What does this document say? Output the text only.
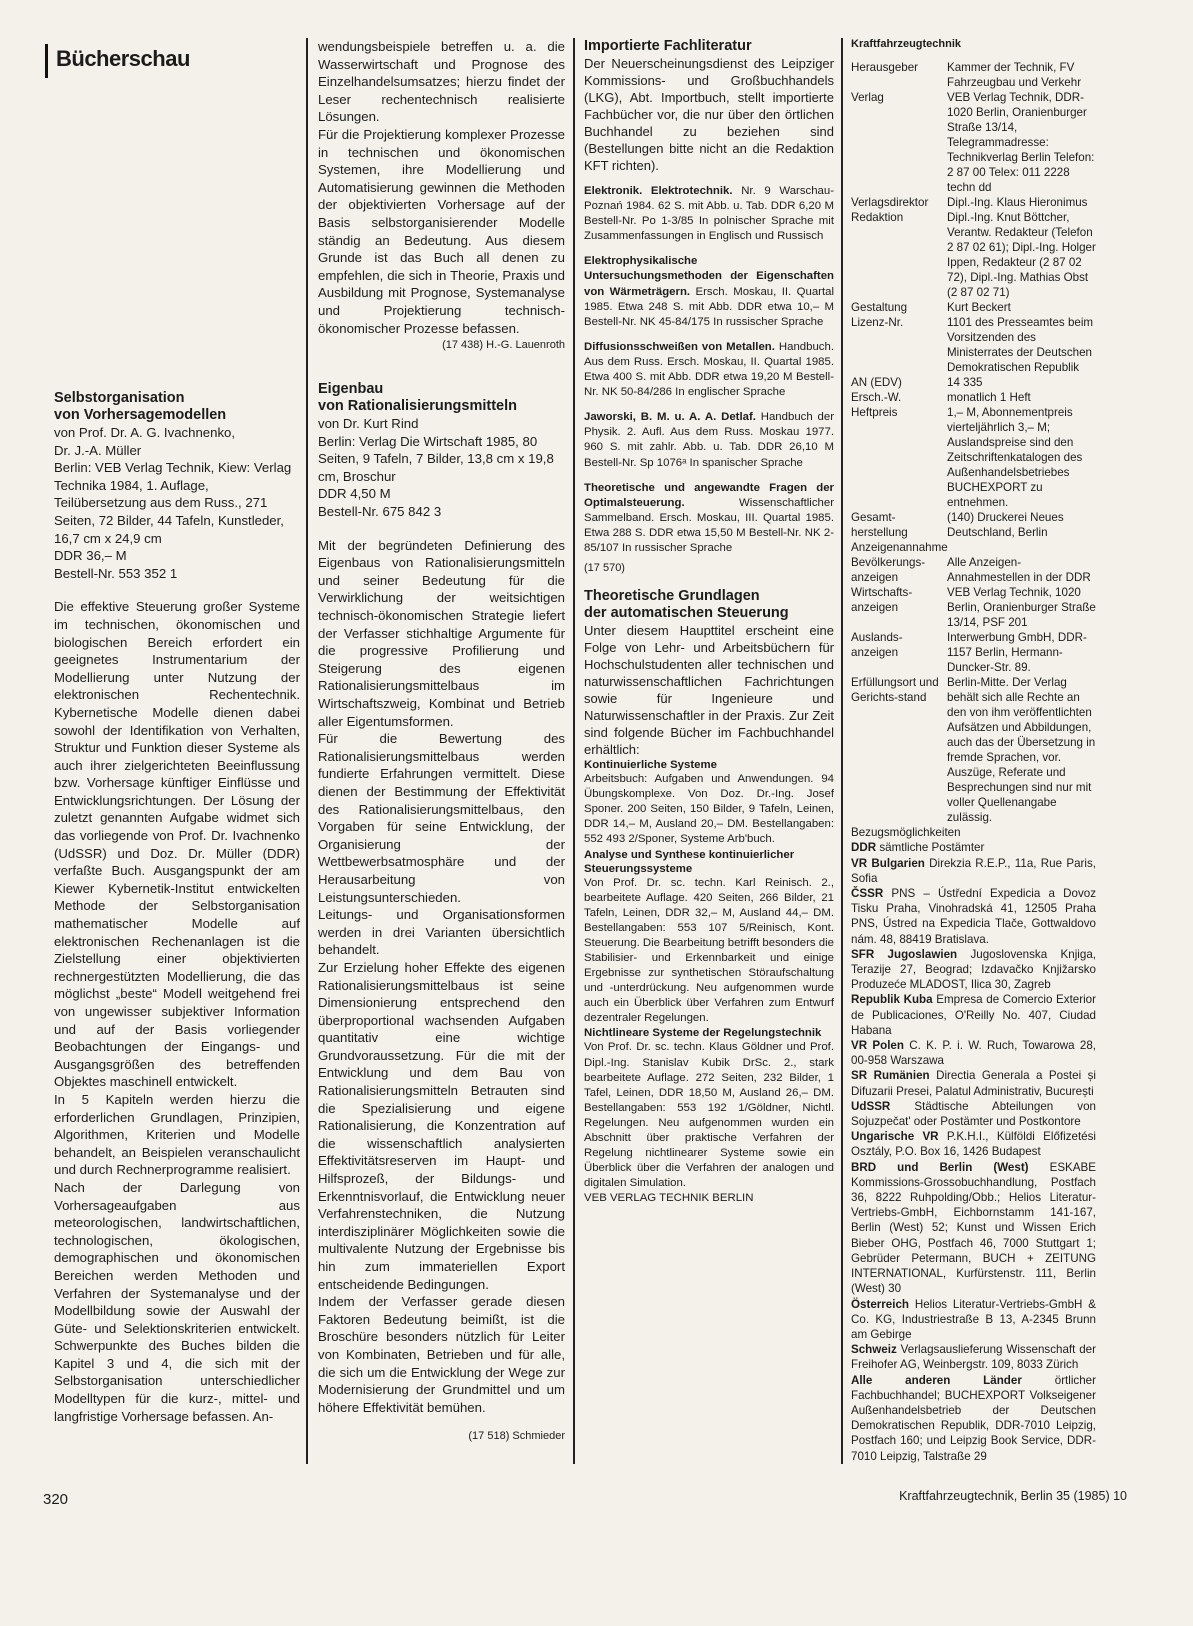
Bücherschau
Selbstorganisation
von Vorhersagemodellen

von Prof. Dr. A. G. Ivachnenko,

Dr. J.-A. Müller

Berlin: VEB Verlag Technik, Kiew: Verlag Technika 1984, 1. Auflage, Teilübersetzung aus dem Russ., 271 Seiten, 72 Bilder, 44 Tafeln, Kunstleder, 16,7 cm x 24,9 cm

DDR 36,– M

Bestell-Nr. 553 352 1

Die effektive Steuerung großer Systeme im technischen, ökonomischen und biologischen Bereich erfordert ein geeignetes Instrumentarium der Modellierung unter Nutzung der elektronischen Rechentechnik. Kybernetische Modelle dienen dabei sowohl der Identifikation von Verhalten, Struktur und Funktion dieser Systeme als auch ihrer zielgerichteten Beeinflussung bzw. Vorhersage künftiger Einflüsse und Entwicklungsrichtungen. Der Lösung der zuletzt genannten Aufgabe widmet sich das vorliegende von Prof. Dr. Ivachnenko (UdSSR) und Doz. Dr. Müller (DDR) verfaßte Buch. Ausgangspunkt der am Kiewer Kybernetik-Institut entwickelten Methode der Selbstorganisation mathematischer Modelle auf elektronischen Rechenanlagen ist die Zielstellung einer objektivierten rechnergestützten Modellierung, die das möglichst „beste“ Modell weitgehend frei von ungewisser subjektiver Information und auf der Basis vorliegender Beobachtungen der Eingangs- und Ausgangsgrößen des betreffenden Objektes maschinell entwickelt.

In 5 Kapiteln werden hierzu die erforderlichen Grundlagen, Prinzipien, Algorithmen, Kriterien und Modelle behandelt, an Beispielen veranschaulicht und durch Rechnerprogramme realisiert.

Nach der Darlegung von Vorhersageaufgaben aus meteorologischen, landwirtschaftlichen, technologischen, ökologischen, demographischen und ökonomischen Bereichen werden Methoden und Verfahren der Systemanalyse und der Modellbildung sowie der Auswahl der Güte- und Selektionskriterien entwickelt. Schwerpunkte des Buches bilden die Kapitel 3 und 4, die sich mit der Selbstorganisation unterschiedlicher Modelltypen für die kurz-, mittel- und langfristige Vorhersage befassen. An-

wendungsbeispiele betreffen u. a. die Wasserwirtschaft und Prognose des Einzelhandelsumsatzes; hierzu findet der Leser rechentechnisch realisierte Lösungen.

Für die Projektierung komplexer Prozesse in technischen und ökonomischen Systemen, ihre Modellierung und Automatisierung gewinnen die Methoden der objektivierten Vorhersage auf der Basis selbstorganisierender Modelle ständig an Bedeutung. Aus diesem Grunde ist das Buch all denen zu empfehlen, die sich in Theorie, Praxis und Ausbildung mit Prognose, Systemanalyse und Projektierung technisch-ökonomischer Prozesse befassen.

(17 438) H.-G. Lauenroth

Eigenbau
von Rationalisierungsmitteln

von Dr. Kurt Rind

Berlin: Verlag Die Wirtschaft 1985, 80 Seiten, 9 Tafeln, 7 Bilder, 13,8 cm x 19,8 cm, Broschur

DDR 4,50 M

Bestell-Nr. 675 842 3

Mit der begründeten Definierung des Eigenbaus von Rationalisierungsmitteln und seiner Bedeutung für die Verwirklichung der weitsichtigen technisch-ökonomischen Strategie liefert der Verfasser stichhaltige Argumente für die progressive Profilierung und Steigerung des eigenen Rationalisierungsmittelbaus im Wirtschaftszweig, Kombinat und Betrieb aller Eigentumsformen.

Für die Bewertung des Rationalisierungsmittelbaus werden fundierte Erfahrungen vermittelt. Diese dienen der Bestimmung der Effektivität des Rationalisierungsmittelbaus, den Vorgaben für seine Entwicklung, der Organisierung der Wettbewerbsatmosphäre und der Herausarbeitung von Leistungsunterschieden.

Leitungs- und Organisationsformen werden in drei Varianten übersichtlich behandelt.

Zur Erzielung hoher Effekte des eigenen Rationalisierungsmittelbaus ist seine Dimensionierung entsprechend den überproportional wachsenden Aufgaben quantitativ eine wichtige Grundvoraussetzung. Für die mit der Entwicklung und dem Bau von Rationalisierungsmitteln Betrauten sind die Spezialisierung und eigene Rationalisierung, die Konzentration auf die wissenschaftlich analysierten Effektivitätsreserven im Haupt- und Hilfsprozeß, der Bildungs- und Erkenntnisvorlauf, die Entwicklung neuer Verfahrenstechniken, die Nutzung interdisziplinärer Möglichkeiten sowie die multivalente Nutzung der Ergebnisse bis hin zum immateriellen Export entscheidende Bedingungen.

Indem der Verfasser gerade diesen Faktoren Bedeutung beimißt, ist die Broschüre besonders nützlich für Leiter von Kombinaten, Betrieben und für alle, die sich um die Entwicklung der Wege zur Modernisierung der Grundmittel und um höhere Effektivität bemühen.

(17 518) Schmieder

Importierte Fachliteratur

Der Neuerscheinungsdienst des Leipziger Kommissions- und Großbuchhandels (LKG), Abt. Importbuch, stellt importierte Fachbücher vor, die nur über den örtlichen Buchhandel zu beziehen sind (Bestellungen bitte nicht an die Redaktion KFT richten).

Elektronik. Elektrotechnik. Nr. 9 Warschau-Poznań 1984. 62 S. mit Abb. u. Tab. DDR 6,20 M Bestell-Nr. Po 1-3/85 In polnischer Sprache mit Zusammenfassungen in Englisch und Russisch

Elektrophysikalische Untersuchungsmethoden der Eigenschaften von Wärmeträgern. Ersch. Moskau, II. Quartal 1985. Etwa 248 S. mit Abb. DDR etwa 10,– M Bestell-Nr. NK 45-84/175 In russischer Sprache

Diffusionsschweißen von Metallen. Handbuch. Aus dem Russ. Ersch. Moskau, II. Quartal 1985. Etwa 400 S. mit Abb. DDR etwa 19,20 M Bestell-Nr. NK 50-84/286 In englischer Sprache

Jaworski, B. M. u. A. A. Detlaf. Handbuch der Physik. 2. Aufl. Aus dem Russ. Moskau 1977. 960 S. mit zahlr. Abb. u. Tab. DDR 26,10 M Bestell-Nr. Sp 1076ᵃ In spanischer Sprache

Theoretische und angewandte Fragen der Optimalsteuerung. Wissenschaftlicher Sammelband. Ersch. Moskau, III. Quartal 1985. Etwa 288 S. DDR etwa 15,50 M Bestell-Nr. NK 2-85/107 In russischer Sprache

(17 570)

Theoretische Grundlagen
der automatischen Steuerung

Unter diesem Haupttitel erscheint eine Folge von Lehr- und Arbeitsbüchern für Hochschulstudenten aller technischen und naturwissenschaftlichen Fachrichtungen sowie für Ingenieure und Naturwissenschaftler in der Praxis. Zur Zeit sind folgende Bücher im Fachbuchhandel erhältlich:

Kontinuierliche Systeme

Arbeitsbuch: Aufgaben und Anwendungen. 94 Übungskomplexe. Von Doz. Dr.-Ing. Josef Sponer. 200 Seiten, 150 Bilder, 9 Tafeln, Leinen, DDR 14,– M, Ausland 20,– DM. Bestellangaben: 552 493 2/Sponer, Systeme Arb'buch.

Analyse und Synthese kontinuierlicher Steuerungssysteme

Von Prof. Dr. sc. techn. Karl Reinisch. 2., bearbeitete Auflage. 420 Seiten, 266 Bilder, 21 Tafeln, Leinen, DDR 32,– M, Ausland 44,– DM. Bestellangaben: 553 107 5/Reinisch, Kont. Steuerung. Die Bearbeitung betrifft besonders die Stabilisier- und Erkennbarkeit und einige Ergebnisse zur synthetischen Störaufschaltung und -unterdrückung. Neu aufgenommen wurde auch ein Überblick über Verfahren zum Entwurf dezentraler Regelungen.

Nichtlineare Systeme der Regelungstechnik

Von Prof. Dr. sc. techn. Klaus Göldner und Prof. Dipl.-Ing. Stanislav Kubik DrSc. 2., stark bearbeitete Auflage. 272 Seiten, 232 Bilder, 1 Tafel, Leinen, DDR 18,50 M, Ausland 26,– DM. Bestellangaben: 553 192 1/Göldner, Nichtl. Regelungen. Neu aufgenommen wurden ein Abschnitt über praktische Verfahren der Regelung nichtlinearer Systeme sowie ein Überblick über die Verfahren der analogen und digitalen Simulation.

VEB VERLAG TECHNIK BERLIN

Kraftfahrzeugtechnik

Herausgeber	Kammer der Technik, FV Fahrzeugbau und Verkehr
Verlag	VEB Verlag Technik, DDR-1020 Berlin, Oranienburger Straße 13/14, Telegrammadresse: Technikverlag Berlin Telefon: 2 87 00 Telex: 011 2228 techn dd
Verlagsdirektor	Dipl.-Ing. Klaus Hieronimus
Redaktion	Dipl.-Ing. Knut Böttcher, Verantw. Redakteur (Telefon 2 87 02 61); Dipl.-Ing. Holger Ippen, Redakteur (2 87 02 72), Dipl.-Ing. Mathias Obst (2 87 02 71)
Gestaltung	Kurt Beckert
Lizenz-Nr.	1101 des Presseamtes beim Vorsitzenden des Ministerrates der Deutschen Demokratischen Republik
AN (EDV)	14 335
Ersch.-W.	monatlich 1 Heft
Heftpreis	1,– M, Abonnementpreis vierteljährlich 3,– M; Auslandspreise sind den Zeitschriftenkatalogen des Außenhandelsbetriebes BUCHEXPORT zu entnehmen.
Gesamt-herstellung	(140) Druckerei Neues Deutschland, Berlin

Anzeigenannahme

Bevölkerungs-anzeigen	Alle Anzeigen-Annahmestellen in der DDR
Wirtschafts-anzeigen	VEB Verlag Technik, 1020 Berlin, Oranienburger Straße 13/14, PSF 201
Auslands-anzeigen	Interwerbung GmbH, DDR-1157 Berlin, Hermann-Duncker-Str. 89.
Erfüllungsort und Gerichts-stand	Berlin-Mitte. Der Verlag behält sich alle Rechte an den von ihm veröffentlichten Aufsätzen und Abbildungen, auch das der Übersetzung in fremde Sprachen, vor. Auszüge, Referate und Besprechungen sind nur mit voller Quellenangabe zulässig.

Bezugsmöglichkeiten

DDR sämtliche Postämter

VR Bulgarien Direkzia R.E.P., 11a, Rue Paris, Sofia

ČSSR PNS – Ústřední Expedicia a Dovoz Tisku Praha, Vinohradská 41, 12505 Praha PNS, Ústred na Expedicia Tlače, Gottwaldovo nám. 48, 88419 Bratislava.

SFR Jugoslawien Jugoslovenska Knjiga, Terazije 27, Beograd; Izdavačko Knjižarsko Produzeće MLADOST, Ilica 30, Zagreb

Republik Kuba Empresa de Comercio Exterior de Publicaciones, O'Reilly No. 407, Ciudad Habana

VR Polen C. K. P. i. W. Ruch, Towarowa 28, 00-958 Warszawa

SR Rumänien Directia Generala a Postei și Difuzarii Presei, Palatul Administrativ, București

UdSSR Städtische Abteilungen von Sojuzpečat' oder Postämter und Postkontore

Ungarische VR P.K.H.I., Külföldi Előfizetési Osztály, P.O. Box 16, 1426 Budapest

BRD und Berlin (West) ESKABE Kommissions-Grossobuchhandlung, Postfach 36, 8222 Ruhpolding/Obb.; Helios Literatur-Vertriebs-GmbH, Eichbornstamm 141-167, Berlin (West) 52; Kunst und Wissen Erich Bieber OHG, Postfach 46, 7000 Stuttgart 1; Gebrüder Petermann, BUCH + ZEITUNG INTERNATIONAL, Kurfürstenstr. 111, Berlin (West) 30

Österreich Helios Literatur-Vertriebs-GmbH & Co. KG, Industriestraße B 13, A-2345 Brunn am Gebirge

Schweiz Verlagsauslieferung Wissenschaft der Freihofer AG, Weinbergstr. 109, 8033 Zürich

Alle anderen Länder örtlicher Fachbuchhandel; BUCHEXPORT Volkseigener Außenhandelsbetrieb der Deutschen Demokratischen Republik, DDR-7010 Leipzig, Postfach 160; und Leipzig Book Service, DDR-7010 Leipzig, Talstraße 29

320	Kraftfahrzeugtechnik, Berlin 35 (1985) 10
